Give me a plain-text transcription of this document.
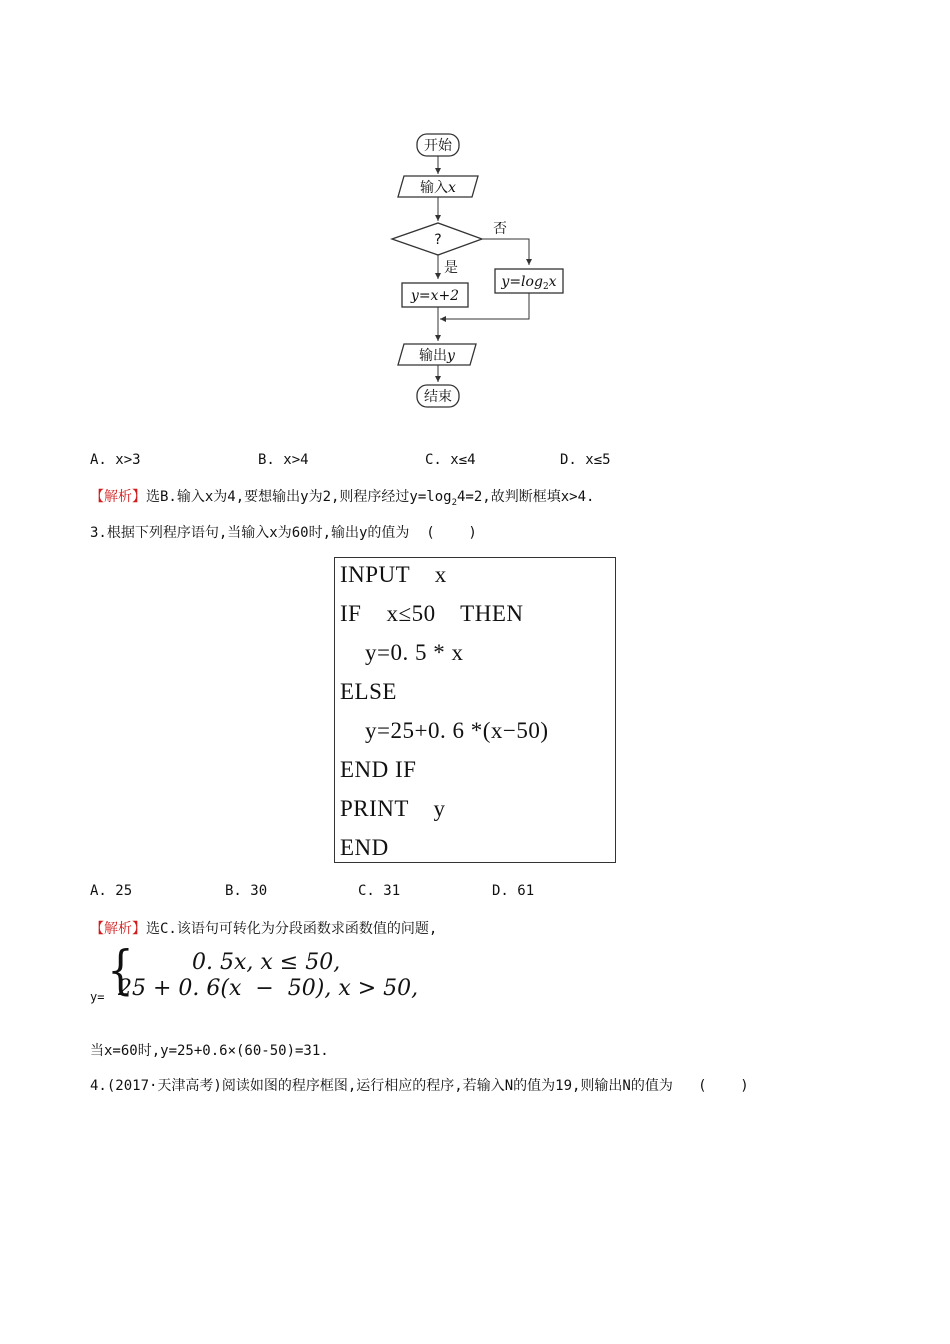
开始
输入x
?
否
$y=\log_2x$
是
y=x+2
输出y
结束
A. x>3	B. x>4	C. x≤4	D. x≤5
【解析】选B.输入x为4,要想输出y为2,则程序经过$y=\log_24=2$,故判断框填x>4.
3.根据下列程序语句,当输入x为60时,输出y的值为  (    )
INPUT    x
IF    x≤50    THEN
y=0. 5 * x
ELSE
y=25+0. 6 *(x−50)
END IF
PRINT    y
END
A. 25	B. 30	C. 31	D. 61
【解析】选C.该语句可转化为分段函数求函数值的问题,
y= {	0. 5x, x ≤ 50,
25 + 0. 6(x  −  50), x > 50,
当x=60时,y=25+0.6×(60-50)=31.
4.(2017·天津高考)阅读如图的程序框图,运行相应的程序,若输入N的值为19,则输出N的值为   (    )
